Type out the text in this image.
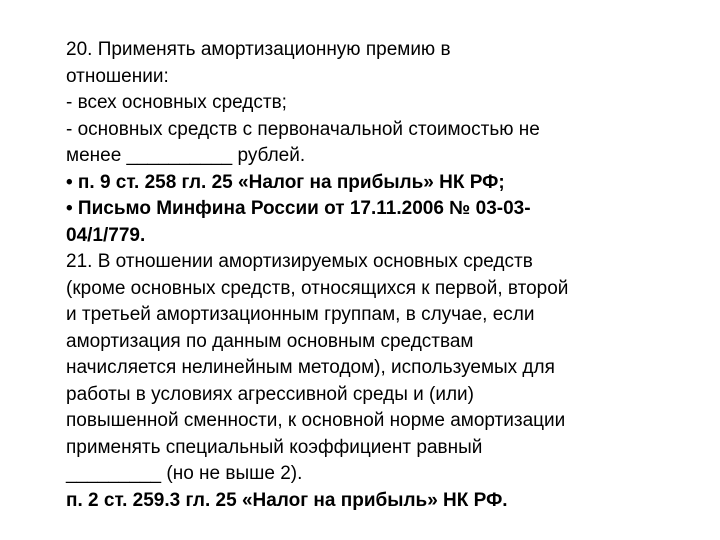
20. Применять амортизационную премию в
отношении:
- всех основных средств;
- основных средств с первоначальной стоимостью не
менее __________ рублей.
• п. 9 ст. 258 гл. 25 «Налог на прибыль» НК РФ;
• Письмо Минфина России от 17.11.2006 № 03-03-
04/1/779.
21. В отношении амортизируемых основных средств
(кроме основных средств, относящихся к первой, второй
и третьей амортизационным группам, в случае, если
амортизация по данным основным средствам
начисляется нелинейным методом), используемых для
работы в условиях агрессивной среды и (или)
повышенной сменности, к основной норме амортизации
применять специальный коэффициент равный
_________ (но не выше 2).
п. 2 ст. 259.3 гл. 25 «Налог на прибыль» НК РФ.
